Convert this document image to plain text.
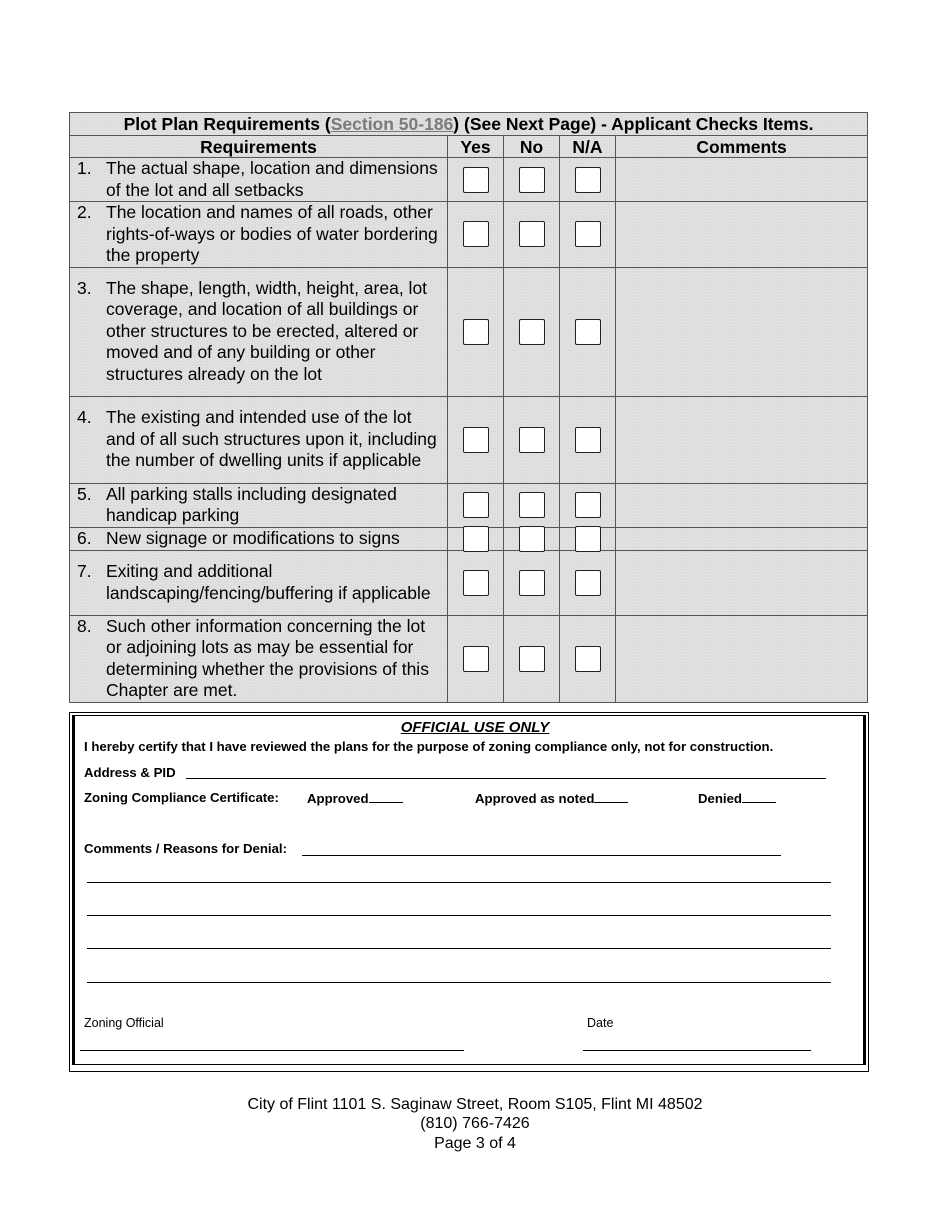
Plot Plan Requirements (Section 50-186) (See Next Page) - Applicant Checks Items.				
Requirements	Yes	No	N/A	Comments

1. The actual shape, location and dimensions of the lot and all setbacks				

2. The location and names of all roads, other rights-of-ways or bodies of water bordering the property				

3. The shape, length, width, height, area, lot coverage, and location of all buildings or other structures to be erected, altered or moved and of any building or other structures already on the lot				

4. The existing and intended use of the lot and of all such structures upon it, including the number of dwelling units if applicable				

5. All parking stalls including designated handicap parking				

6. New signage or modifications to signs				

7. Exiting and additional landscaping/fencing/buffering if applicable				

8. Such other information concerning the lot or adjoining lots as may be essential for determining whether the provisions of this Chapter are met.				

OFFICIAL USE ONLY
I hereby certify that I have reviewed the plans for the purpose of zoning compliance only, not for construction.
Address & PID
Zoning Compliance Certificate: Approved	Approved as noted	Denied
Comments / Reasons for Denial:
Zoning Official	Date
City of Flint 1101 S. Saginaw Street, Room S105, Flint MI 48502
(810) 766-7426
Page 3 of 4
